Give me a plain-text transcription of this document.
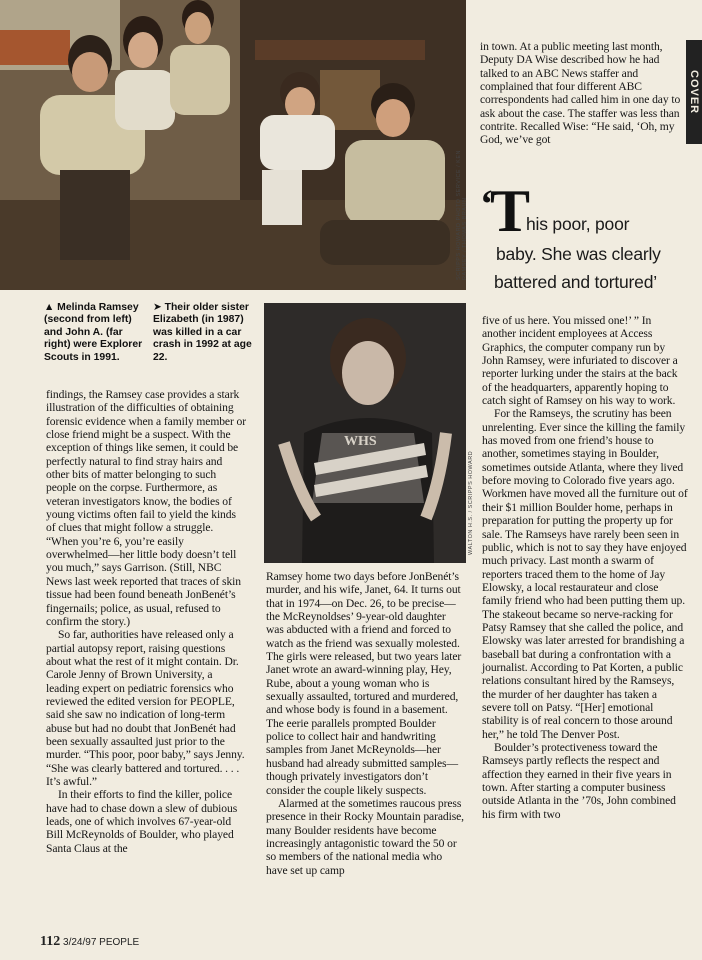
SCRIPPS HOWARD PHOTO SERVICE / KEN RAMSEY / THOMAS BRAUN
COVER

in town. At a public meeting last month, Deputy DA Wise described how he had talked to an ABC News staffer and complained that four different ABC correspondents had called him in one day to ask about the case. The staffer was less than contrite. Recalled Wise: “He said, ‘Oh, my God, we’ve got

T
‘ his poor, poor
baby. She was clearly
battered and tortured’
▲ Melinda Ramsey (second from left) and John A. (far right) were Explorer Scouts in 1991.
➤ Their older sister Elizabeth (in 1987) was killed in a car crash in 1992 at age 22.
WHS
WALTON H.S. / SCRIPPS HOWARD

findings, the Ramsey case provides a stark illustration of the difficulties of obtaining forensic evidence when a family member or close friend might be a suspect. With the exception of things like semen, it could be perfectly natural to find stray hairs and other bits of matter belonging to such people on the corpse. Furthermore, as veteran investigators know, the bodies of young victims often fail to yield the kinds of clues that might follow a struggle. “When you’re 6, you’re easily overwhelmed—her little body doesn’t tell you much,” says Garrison. (Still, NBC News last week reported that traces of skin tissue had been found beneath JonBenét’s fingernails; police, as usual, refused to confirm the story.)

So far, authorities have released only a partial autopsy report, raising questions about what the rest of it might contain. Dr. Carole Jenny of Brown University, a leading expert on pediatric forensics who reviewed the edited version for PEOPLE, said she saw no indication of long-term abuse but had no doubt that JonBenét had been sexually assaulted just prior to the murder. “This poor, poor baby,” says Jenny. “She was clearly battered and tortured. . . . It’s awful.”

In their efforts to find the killer, police have had to chase down a slew of dubious leads, one of which involves 67-year-old Bill McReynolds of Boulder, who played Santa Claus at the

Ramsey home two days before JonBenét’s murder, and his wife, Janet, 64. It turns out that in 1974—on Dec. 26, to be precise—the McReynoldses’ 9-year-old daughter was abducted with a friend and forced to watch as the friend was sexually molested. The girls were released, but two years later Janet wrote an award-winning play, Hey, Rube, about a young woman who is sexually assaulted, tortured and murdered, and whose body is found in a basement. The eerie parallels prompted Boulder police to collect hair and handwriting samples from Janet McReynolds—her husband had already submitted samples—though privately investigators don’t consider the couple likely suspects.

Alarmed at the sometimes raucous press presence in their Rocky Mountain paradise, many Boulder residents have become increasingly antagonistic toward the 50 or so members of the national media who have set up camp

five of us here. You missed one!’ ” In another incident employees at Access Graphics, the computer company run by John Ramsey, were infuriated to discover a reporter lurking under the stairs at the back of the headquarters, apparently hoping to catch sight of Ramsey on his way to work.

For the Ramseys, the scrutiny has been unrelenting. Ever since the killing the family has moved from one friend’s house to another, sometimes staying in Boulder, sometimes outside Atlanta, where they lived before moving to Colorado five years ago. Workmen have moved all the furniture out of their $1 million Boulder home, perhaps in preparation for putting the property up for sale. The Ramseys have rarely been seen in public, which is not to say they have enjoyed much privacy. Last month a swarm of reporters traced them to the home of Jay Elowsky, a local restaurateur and close family friend who had been putting them up. The stakeout became so nerve-racking for Patsy Ramsey that she called the police, and Elowsky was later arrested for brandishing a baseball bat during a confrontation with a journalist. According to Pat Korten, a public relations consultant hired by the Ramseys, the murder of her daughter has taken a severe toll on Patsy. “[Her] emotional stability is of real concern to those around her,” he told The Denver Post.

Boulder’s protectiveness toward the Ramseys partly reflects the respect and affection they earned in their five years in town. After starting a computer business outside Atlanta in the ’70s, John combined his firm with two

112 3/24/97 PEOPLE
